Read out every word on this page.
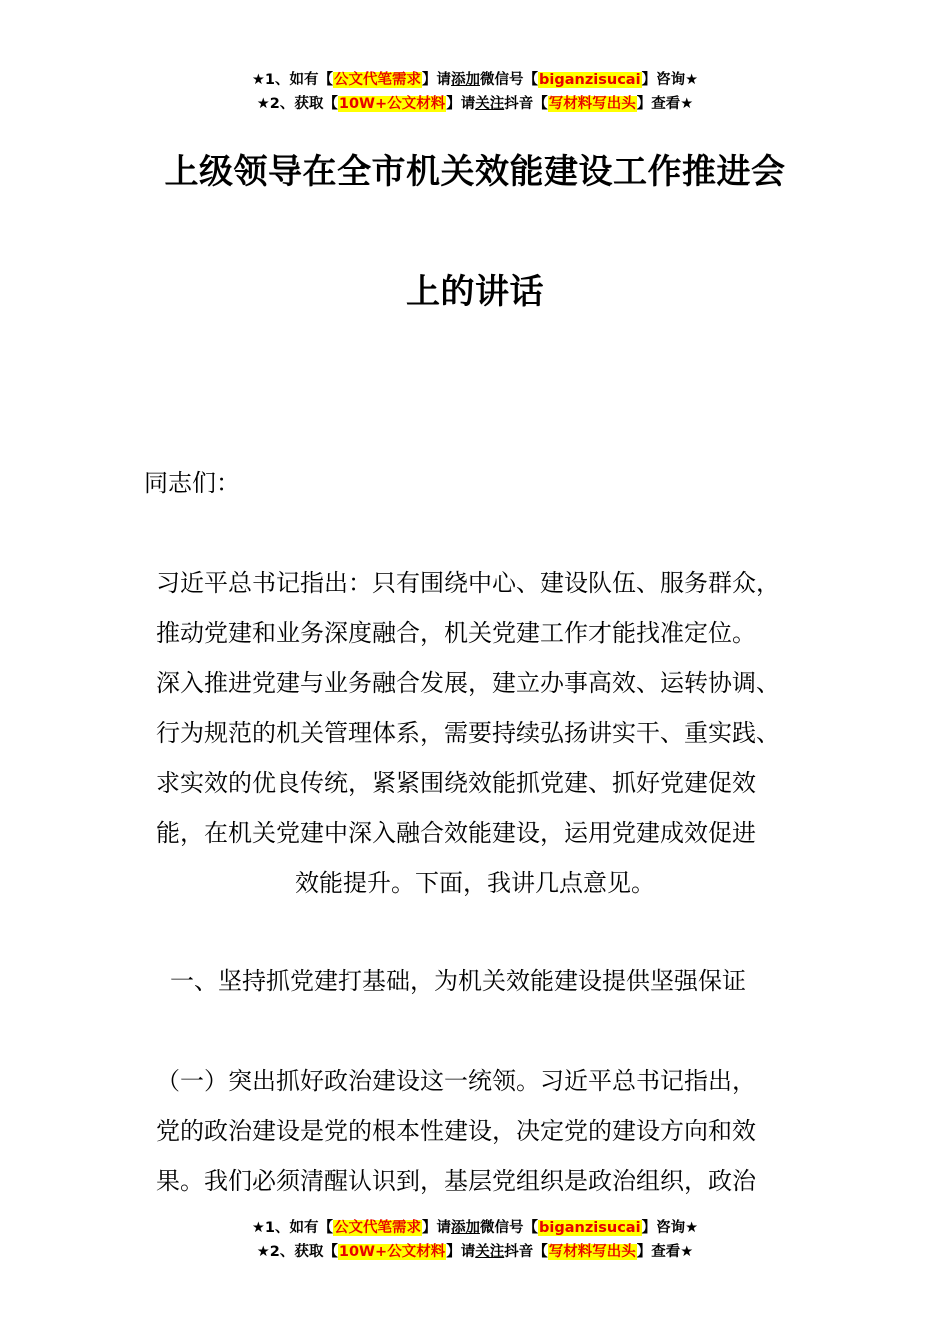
★1、如有【公文代笔需求】请添加微信号【biganzisucai】咨询★
★2、获取【10W+公文材料】请关注抖音【写材料写出头】查看★
上级领导在全市机关效能建设工作推进会
上的讲话
同志们：
习近平总书记指出：只有围绕中心、建设队伍、服务群众，
推动党建和业务深度融合，机关党建工作才能找准定位。
深入推进党建与业务融合发展，建立办事高效、运转协调、
行为规范的机关管理体系，需要持续弘扬讲实干、重实践、
求实效的优良传统，紧紧围绕效能抓党建、抓好党建促效
能，在机关党建中深入融合效能建设，运用党建成效促进
效能提升。下面，我讲几点意见。
一、坚持抓党建打基础，为机关效能建设提供坚强保证
（一）突出抓好政治建设这一统领。习近平总书记指出，
党的政治建设是党的根本性建设，决定党的建设方向和效
果。我们必须清醒认识到，基层党组织是政治组织，政治
★1、如有【公文代笔需求】请添加微信号【biganzisucai】咨询★
★2、获取【10W+公文材料】请关注抖音【写材料写出头】查看★
